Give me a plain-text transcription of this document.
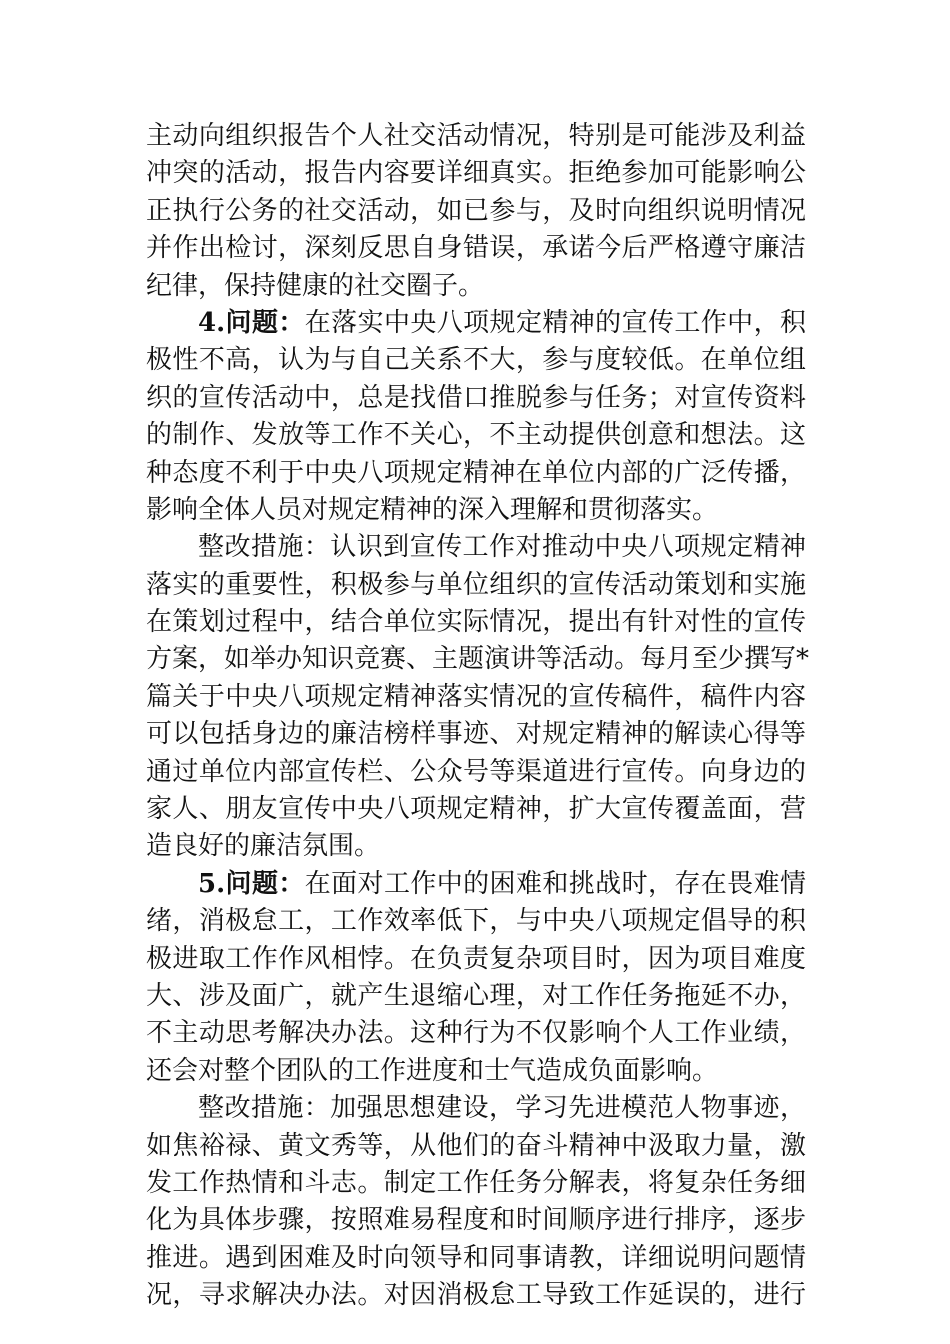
主动向组织报告个人社交活动情况，特别是可能涉及利益
冲突的活动，报告内容要详细真实。拒绝参加可能影响公
正执行公务的社交活动，如已参与，及时向组织说明情况
并作出检讨，深刻反思自身错误，承诺今后严格遵守廉洁
纪律，保持健康的社交圈子。
4.问题：在落实中央八项规定精神的宣传工作中，积
极性不高，认为与自己关系不大，参与度较低。在单位组
织的宣传活动中，总是找借口推脱参与任务；对宣传资料
的制作、发放等工作不关心，不主动提供创意和想法。这
种态度不利于中央八项规定精神在单位内部的广泛传播，
影响全体人员对规定精神的深入理解和贯彻落实。
整改措施：认识到宣传工作对推动中央八项规定精神
落实的重要性，积极参与单位组织的宣传活动策划和实施
在策划过程中，结合单位实际情况，提出有针对性的宣传
方案，如举办知识竞赛、主题演讲等活动。每月至少撰写*
篇关于中央八项规定精神落实情况的宣传稿件，稿件内容
可以包括身边的廉洁榜样事迹、对规定精神的解读心得等
通过单位内部宣传栏、公众号等渠道进行宣传。向身边的
家人、朋友宣传中央八项规定精神，扩大宣传覆盖面，营
造良好的廉洁氛围。
5.问题：在面对工作中的困难和挑战时，存在畏难情
绪，消极怠工，工作效率低下，与中央八项规定倡导的积
极进取工作作风相悖。在负责复杂项目时，因为项目难度
大、涉及面广，就产生退缩心理，对工作任务拖延不办，
不主动思考解决办法。这种行为不仅影响个人工作业绩，
还会对整个团队的工作进度和士气造成负面影响。
整改措施：加强思想建设，学习先进模范人物事迹，
如焦裕禄、黄文秀等，从他们的奋斗精神中汲取力量，激
发工作热情和斗志。制定工作任务分解表，将复杂任务细
化为具体步骤，按照难易程度和时间顺序进行排序，逐步
推进。遇到困难及时向领导和同事请教，详细说明问题情
况，寻求解决办法。对因消极怠工导致工作延误的，进行
